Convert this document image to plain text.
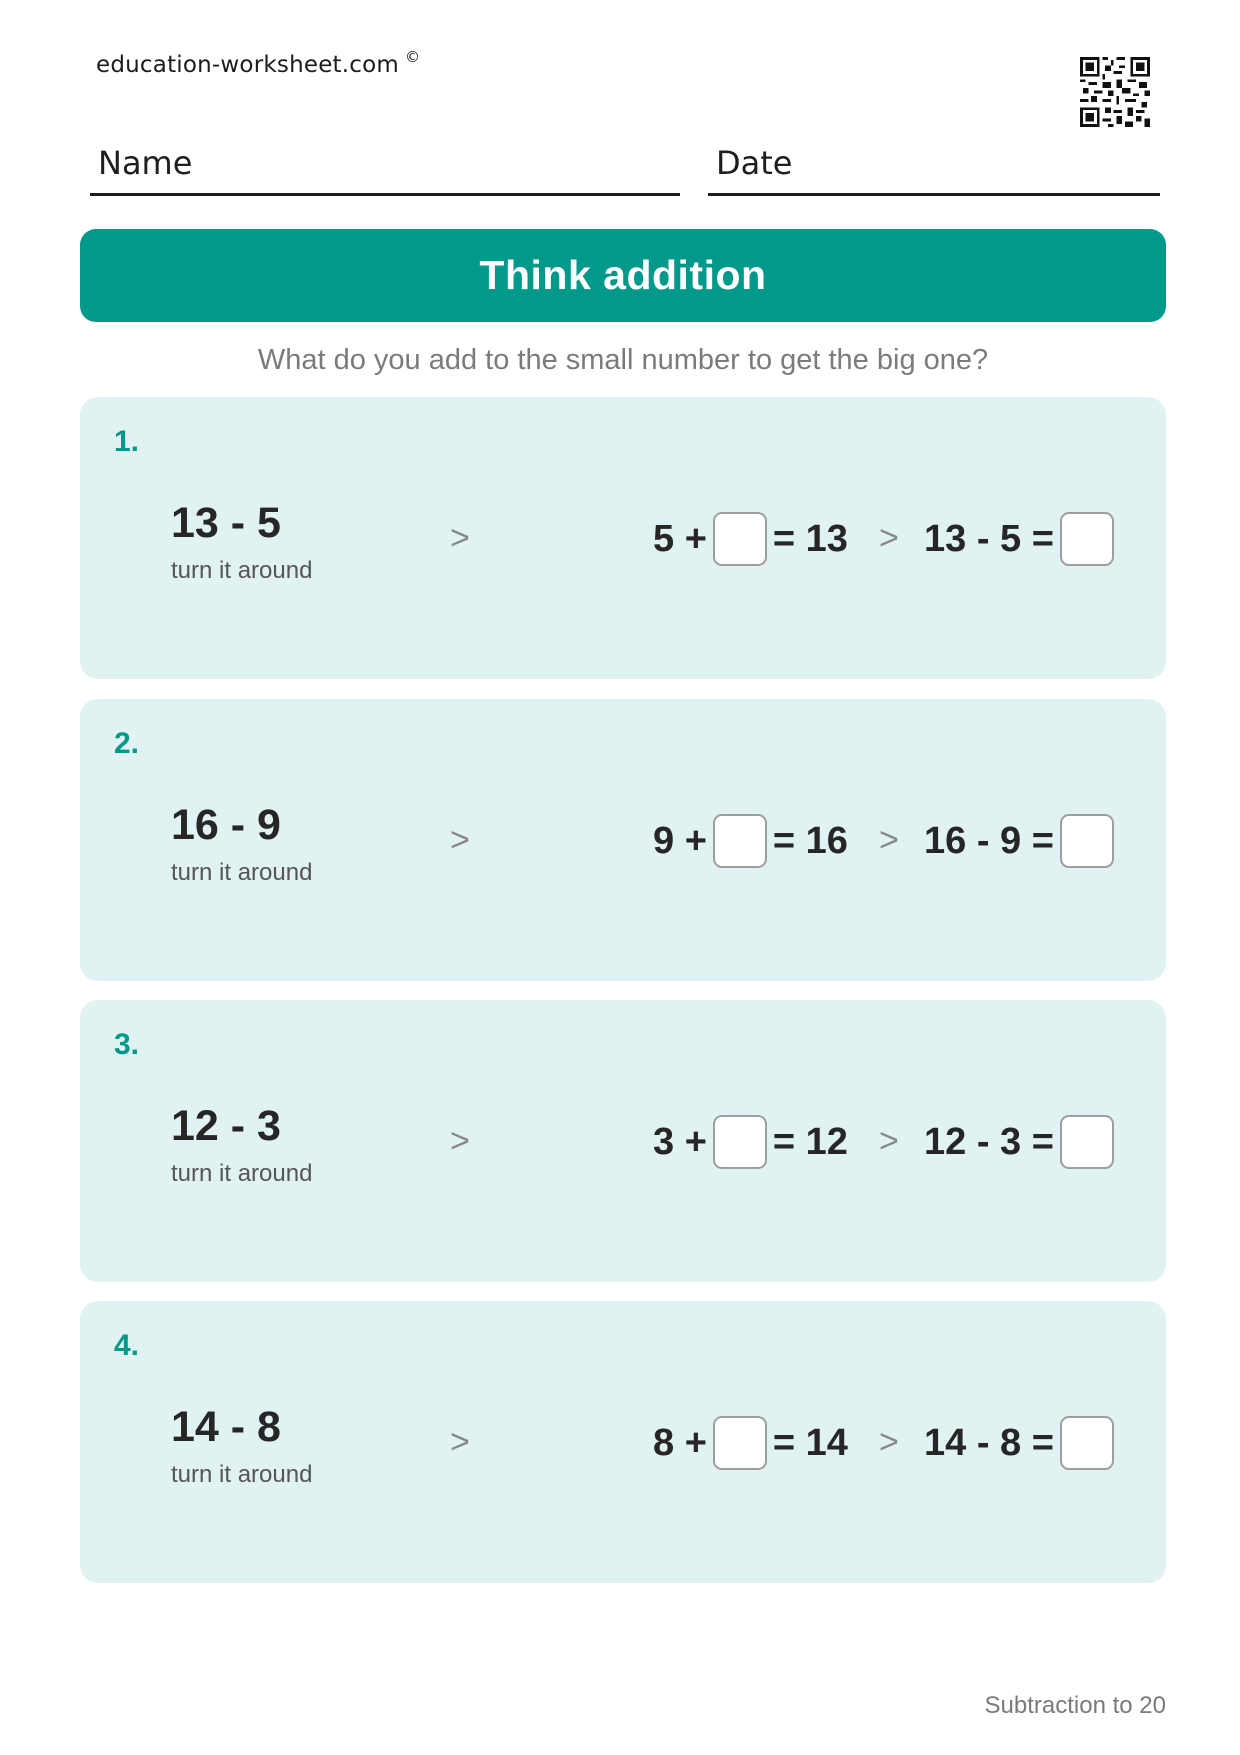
education-worksheet.com ©
Name	Date
Think addition
What do you add to the small number to get the big one?
1.
13 - 5
turn it around
>	5 + = 13 > 13 - 5 =
2.
16 - 9
turn it around
>	9 + = 16 > 16 - 9 =
3.
12 - 3
turn it around
>	3 + = 12 > 12 - 3 =
4.
14 - 8
turn it around
>	8 + = 14 > 14 - 8 =
Subtraction to 20
